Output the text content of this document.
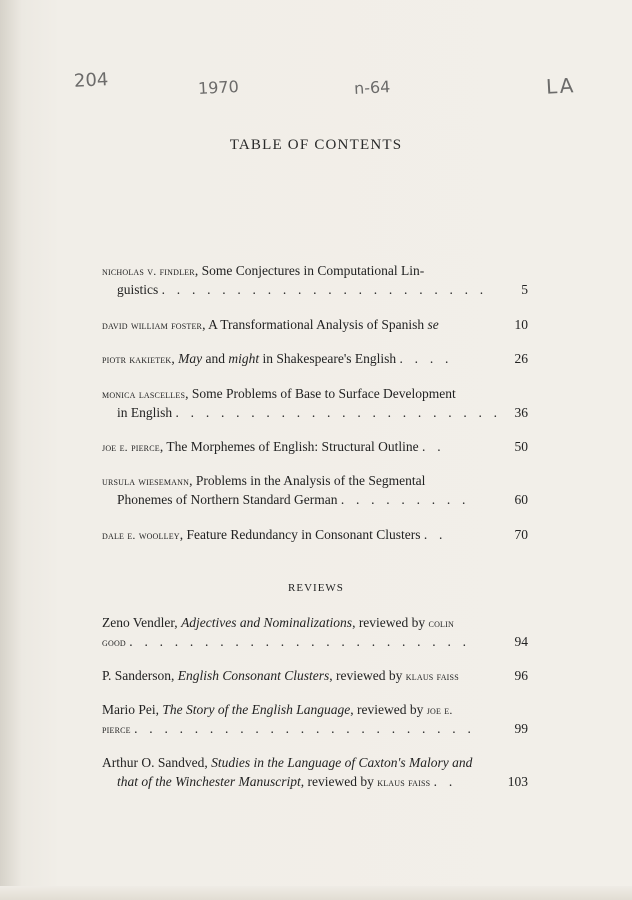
204	1970	n-64	LA
TABLE OF CONTENTS
nicholas v. findler, Some Conjectures in Computational Lin-
guistics . . . . . . . . . . . . . . . . . . . . . .	5
david william foster, A Transformational Analysis of Spanish se	10
piotr kakietek, May and might in Shakespeare's English . . . .	26
monica lascelles, Some Problems of Base to Surface Development
in English . . . . . . . . . . . . . . . . . . . . . . 36
joe e. pierce, The Morphemes of English: Structural Outline . .	50
ursula wiesemann, Problems in the Analysis of the Segmental
Phonemes of Northern Standard German . . . . . . . . .	60
dale e. woolley, Feature Redundancy in Consonant Clusters . .	70
REVIEWS
Zeno Vendler, Adjectives and Nominalizations, reviewed by colin
good . . . . . . . . . . . . . . . . . . . . . . .	94
P. Sanderson, English Consonant Clusters, reviewed by klaus faiss	96
Mario Pei, The Story of the English Language, reviewed by joe e.
pierce . . . . . . . . . . . . . . . . . . . . . . .	99
Arthur O. Sandved, Studies in the Language of Caxton's Malory and
that of the Winchester Manuscript, reviewed by klaus faiss . .	103
